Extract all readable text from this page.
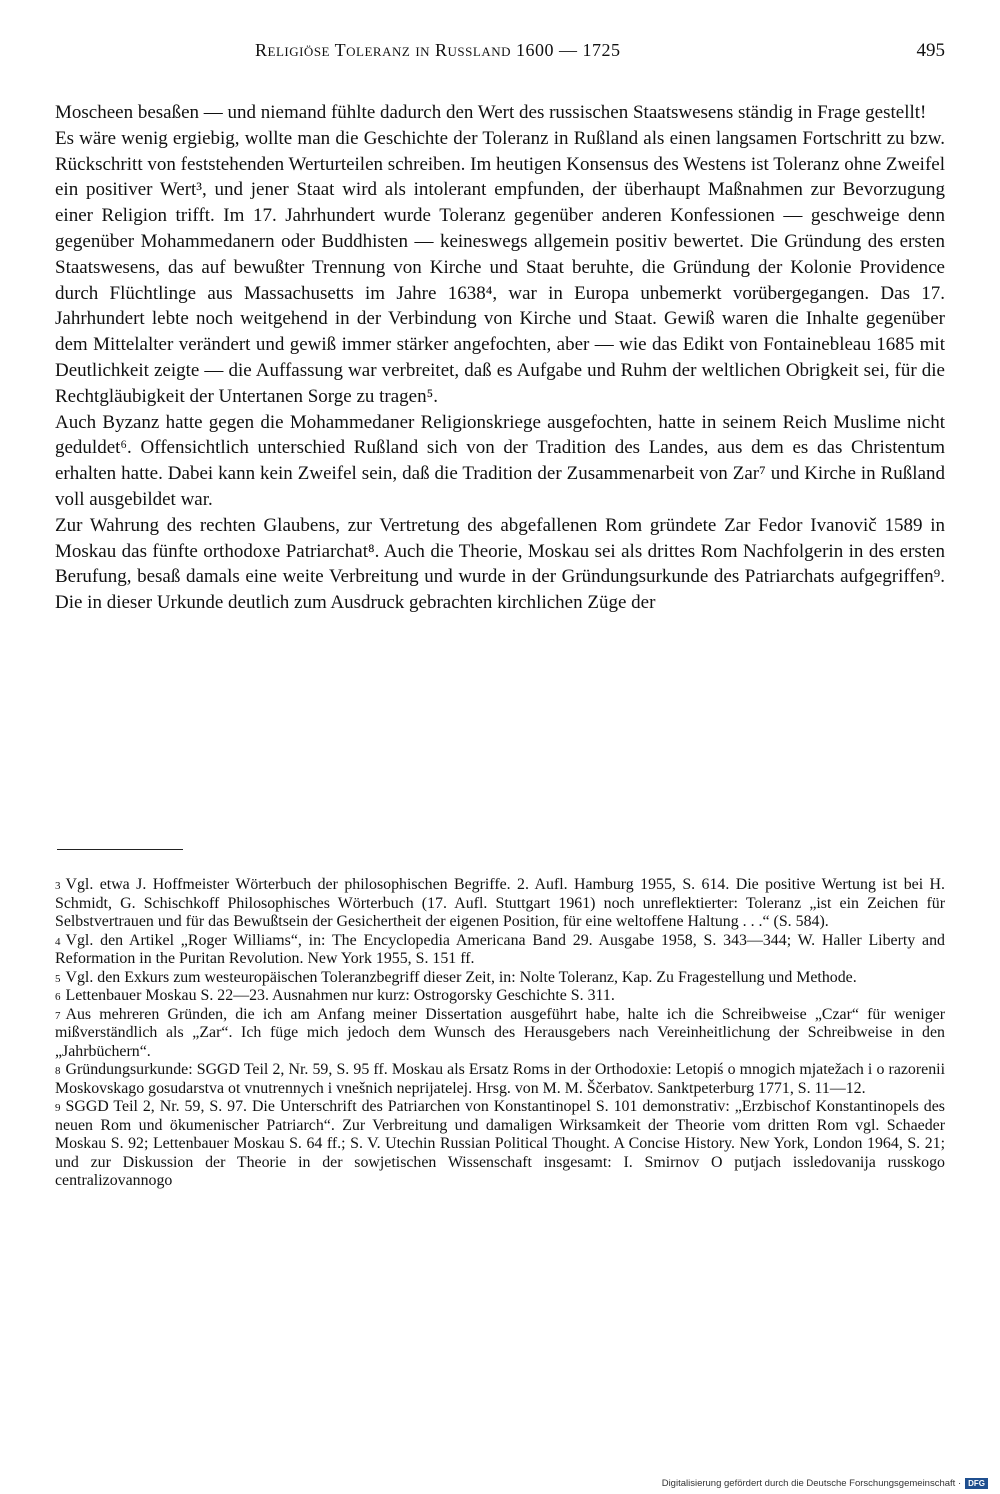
Religiöse Toleranz in Russland 1600 — 1725	495

Moscheen besaßen — und niemand fühlte dadurch den Wert des russischen Staatswesens ständig in Frage gestellt!

Es wäre wenig ergiebig, wollte man die Geschichte der Toleranz in Rußland als einen langsamen Fortschritt zu bzw. Rückschritt von feststehenden Werturteilen schreiben. Im heutigen Konsensus des Westens ist Toleranz ohne Zweifel ein positiver Wert³, und jener Staat wird als intolerant empfunden, der überhaupt Maßnahmen zur Bevorzugung einer Religion trifft. Im 17. Jahrhundert wurde Toleranz gegenüber anderen Konfessionen — geschweige denn gegenüber Mohammedanern oder Buddhisten — keineswegs allgemein positiv bewertet. Die Gründung des ersten Staatswesens, das auf bewußter Trennung von Kirche und Staat beruhte, die Gründung der Kolonie Providence durch Flüchtlinge aus Massachusetts im Jahre 1638⁴, war in Europa unbemerkt vorübergegangen. Das 17. Jahrhundert lebte noch weitgehend in der Verbindung von Kirche und Staat. Gewiß waren die Inhalte gegenüber dem Mittelalter verändert und gewiß immer stärker angefochten, aber — wie das Edikt von Fontainebleau 1685 mit Deutlichkeit zeigte — die Auffassung war verbreitet, daß es Aufgabe und Ruhm der weltlichen Obrigkeit sei, für die Rechtgläubigkeit der Untertanen Sorge zu tragen⁵.

Auch Byzanz hatte gegen die Mohammedaner Religionskriege ausgefochten, hatte in seinem Reich Muslime nicht geduldet⁶. Offensichtlich unterschied Rußland sich von der Tradition des Landes, aus dem es das Christentum erhalten hatte. Dabei kann kein Zweifel sein, daß die Tradition der Zusammenarbeit von Zar⁷ und Kirche in Rußland voll ausgebildet war.

Zur Wahrung des rechten Glaubens, zur Vertretung des abgefallenen Rom gründete Zar Fedor Ivanovič 1589 in Moskau das fünfte orthodoxe Patriarchat⁸. Auch die Theorie, Moskau sei als drittes Rom Nachfolgerin in des ersten Berufung, besaß damals eine weite Verbreitung und wurde in der Gründungsurkunde des Patriarchats aufgegriffen⁹. Die in dieser Urkunde deutlich zum Ausdruck gebrachten kirchlichen Züge der

$^3$ Vgl. etwa J. Hoffmeister Wörterbuch der philosophischen Begriffe. 2. Aufl. Hamburg 1955, S. 614. Die positive Wertung ist bei H. Schmidt, G. Schischkoff Philosophisches Wörterbuch (17. Aufl. Stuttgart 1961) noch unreflektierter: Toleranz „ist ein Zeichen für Selbstvertrauen und für das Bewußtsein der Gesichertheit der eigenen Position, für eine weltoffene Haltung . . .“ (S. 584).

$^4$ Vgl. den Artikel „Roger Williams“, in: The Encyclopedia Americana Band 29. Ausgabe 1958, S. 343—344; W. Haller Liberty and Reformation in the Puritan Revolution. New York 1955, S. 151 ff.

$^5$ Vgl. den Exkurs zum westeuropäischen Toleranzbegriff dieser Zeit, in: Nolte Toleranz, Kap. Zu Fragestellung und Methode.

$^6$ Lettenbauer Moskau S. 22—23. Ausnahmen nur kurz: Ostrogorsky Geschichte S. 311.

$^7$ Aus mehreren Gründen, die ich am Anfang meiner Dissertation ausgeführt habe, halte ich die Schreibweise „Czar“ für weniger mißverständlich als „Zar“. Ich füge mich jedoch dem Wunsch des Herausgebers nach Vereinheitlichung der Schreibweise in den „Jahrbüchern“.

$^8$ Gründungsurkunde: SGGD Teil 2, Nr. 59, S. 95 ff. Moskau als Ersatz Roms in der Orthodoxie: Letopiś o mnogich mjatežach i o razorenii Moskovskago gosudarstva ot vnutrennych i vnešnich neprijatelej. Hrsg. von M. M. Ščerbatov. Sanktpeterburg 1771, S. 11—12.

$^9$ SGGD Teil 2, Nr. 59, S. 97. Die Unterschrift des Patriarchen von Konstantinopel S. 101 demonstrativ: „Erzbischof Konstantinopels des neuen Rom und ökumenischer Patriarch“. Zur Verbreitung und damaligen Wirksamkeit der Theorie vom dritten Rom vgl. Schaeder Moskau S. 92; Lettenbauer Moskau S. 64 ff.; S. V. Utechin Russian Political Thought. A Concise History. New York, London 1964, S. 21; und zur Diskussion der Theorie in der sowjetischen Wissenschaft insgesamt: I. Smirnov O putjach issledovanija russkogo centralizovannogo

Digitalisierung gefördert durch die Deutsche Forschungsgemeinschaft · DFG
